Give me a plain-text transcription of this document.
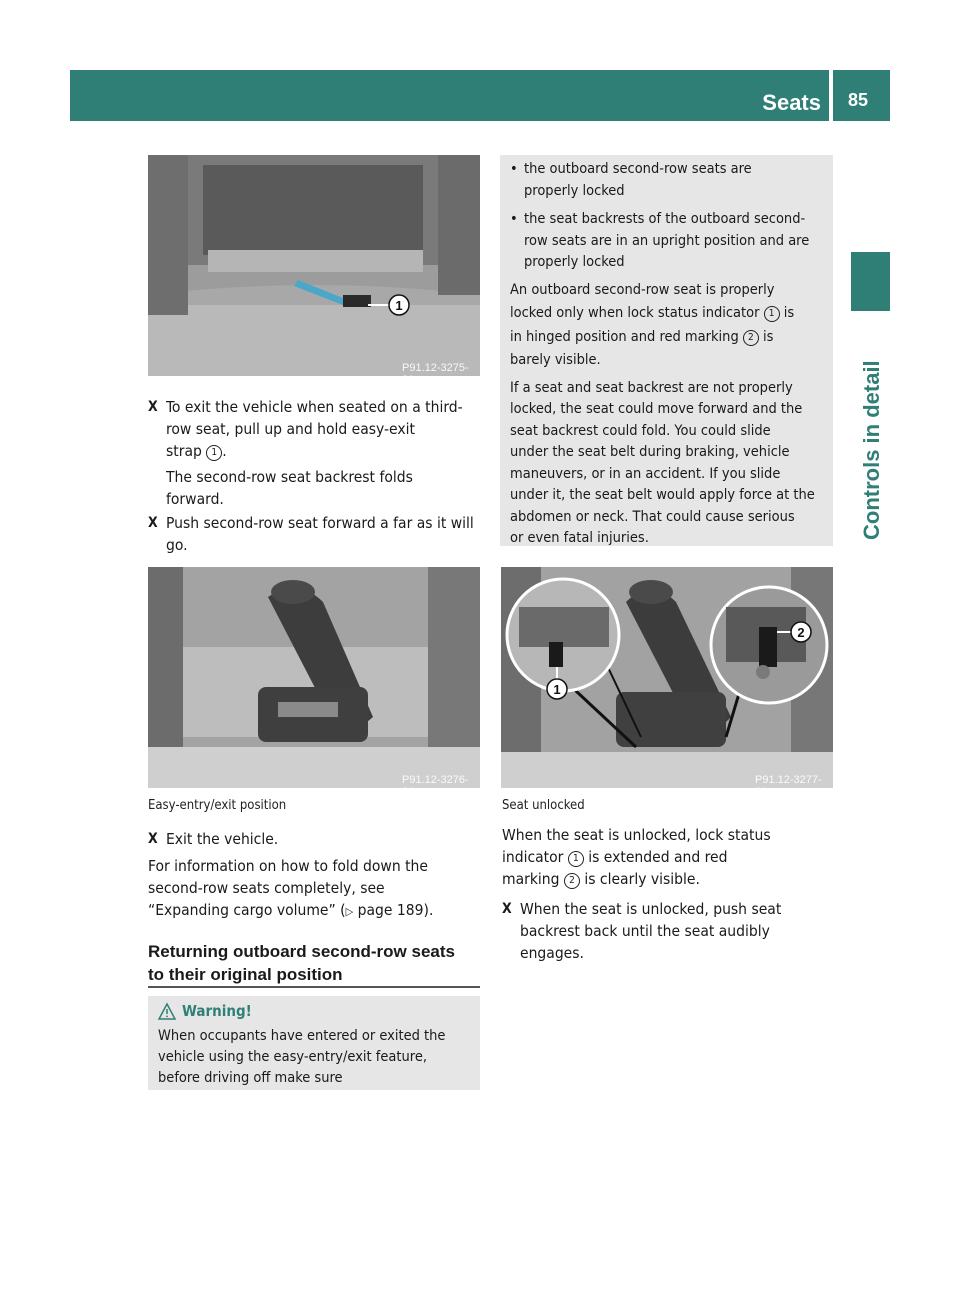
Seats 85
Controls in detail
1
P91.12-3275-31
X To exit the vehicle when seated on a third-
row seat, pull up and hold easy-exit
strap 1 .
The second-row seat backrest folds
forward.
X Push second-row seat forward a far as it will
go.
P91.12-3276-31
Easy-entry/exit position
X Exit the vehicle.
For information on how to fold down the
second-row seats completely, see
“Expanding cargo volume” (▷ page 189).
Returning outboard second-row seats
to their original position
Warning!
When occupants have entered or exited the
vehicle using the easy-entry/exit feature,
before driving off make sure
• the outboard second-row seats are
properly locked
• the seat backrests of the outboard second-
row seats are in an upright position and are
properly locked
An outboard second-row seat is properly
locked only when lock status indicator 1 is
in hinged position and red marking 2 is
barely visible.
If a seat and seat backrest are not properly
locked, the seat could move forward and the
seat backrest could fold. You could slide
under the seat belt during braking, vehicle
maneuvers, or in an accident. If you slide
under it, the seat belt would apply force at the
abdomen or neck. That could cause serious
or even fatal injuries.
1
2
P91.12-3277-31
Seat unlocked
When the seat is unlocked, lock status
indicator 1 is extended and red
marking 2 is clearly visible.
X When the seat is unlocked, push seat
backrest back until the seat audibly
engages.
